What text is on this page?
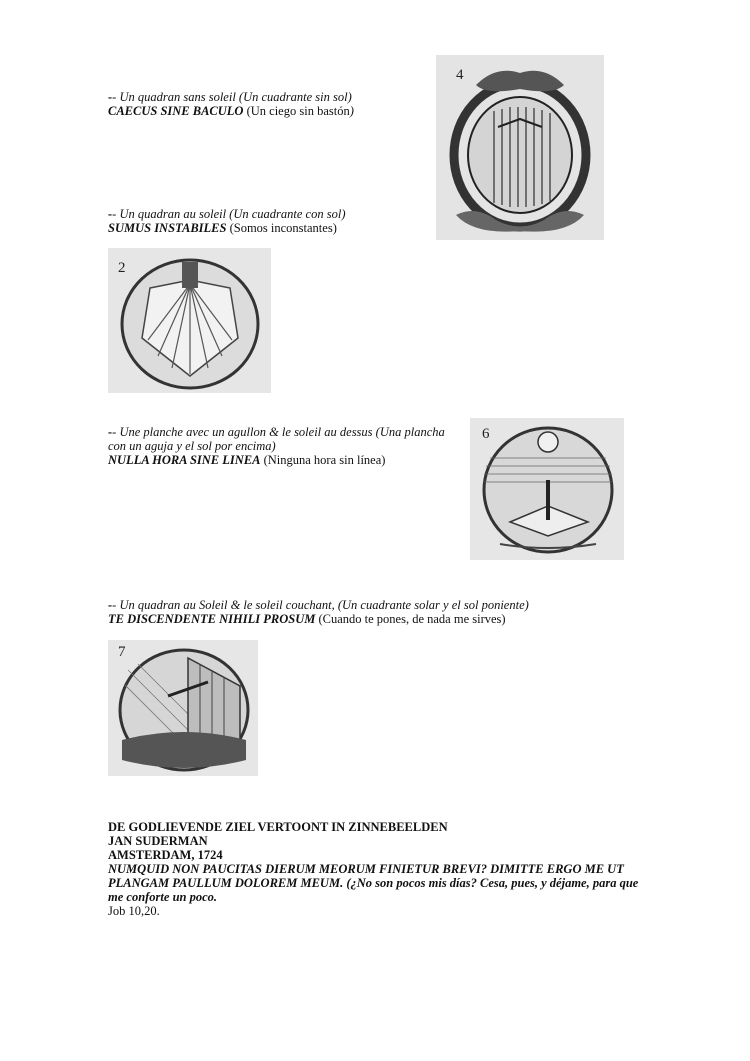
-- Un quadran sans soleil (Un cuadrante sin sol)

CAECUS SINE BACULO (Un ciego sin bastón)

4

-- Un quadran au soleil (Un cuadrante con sol)

SUMUS INSTABILES (Somos inconstantes)

2

-- Une planche avec un agullon & le soleil au dessus (Una plancha

con un aguja y el sol por encima)

NULLA HORA SINE LINEA (Ninguna hora sin línea)

6

-- Un quadran au Soleil & le soleil couchant, (Un cuadrante solar y el sol poniente)

TE DISCENDENTE NIHILI PROSUM (Cuando te pones, de nada me sirves)

7

DE GODLIEVENDE ZIEL VERTOONT IN ZINNEBEELDEN

JAN SUDERMAN

AMSTERDAM, 1724

NUMQUID NON PAUCITAS DIERUM MEORUM FINIETUR BREVI? DIMITTE ERGO ME UT

PLANGAM PAULLUM DOLOREM MEUM. (¿No son pocos mis días? Cesa, pues, y déjame, para que

me conforte un poco.

Job 10,20.
